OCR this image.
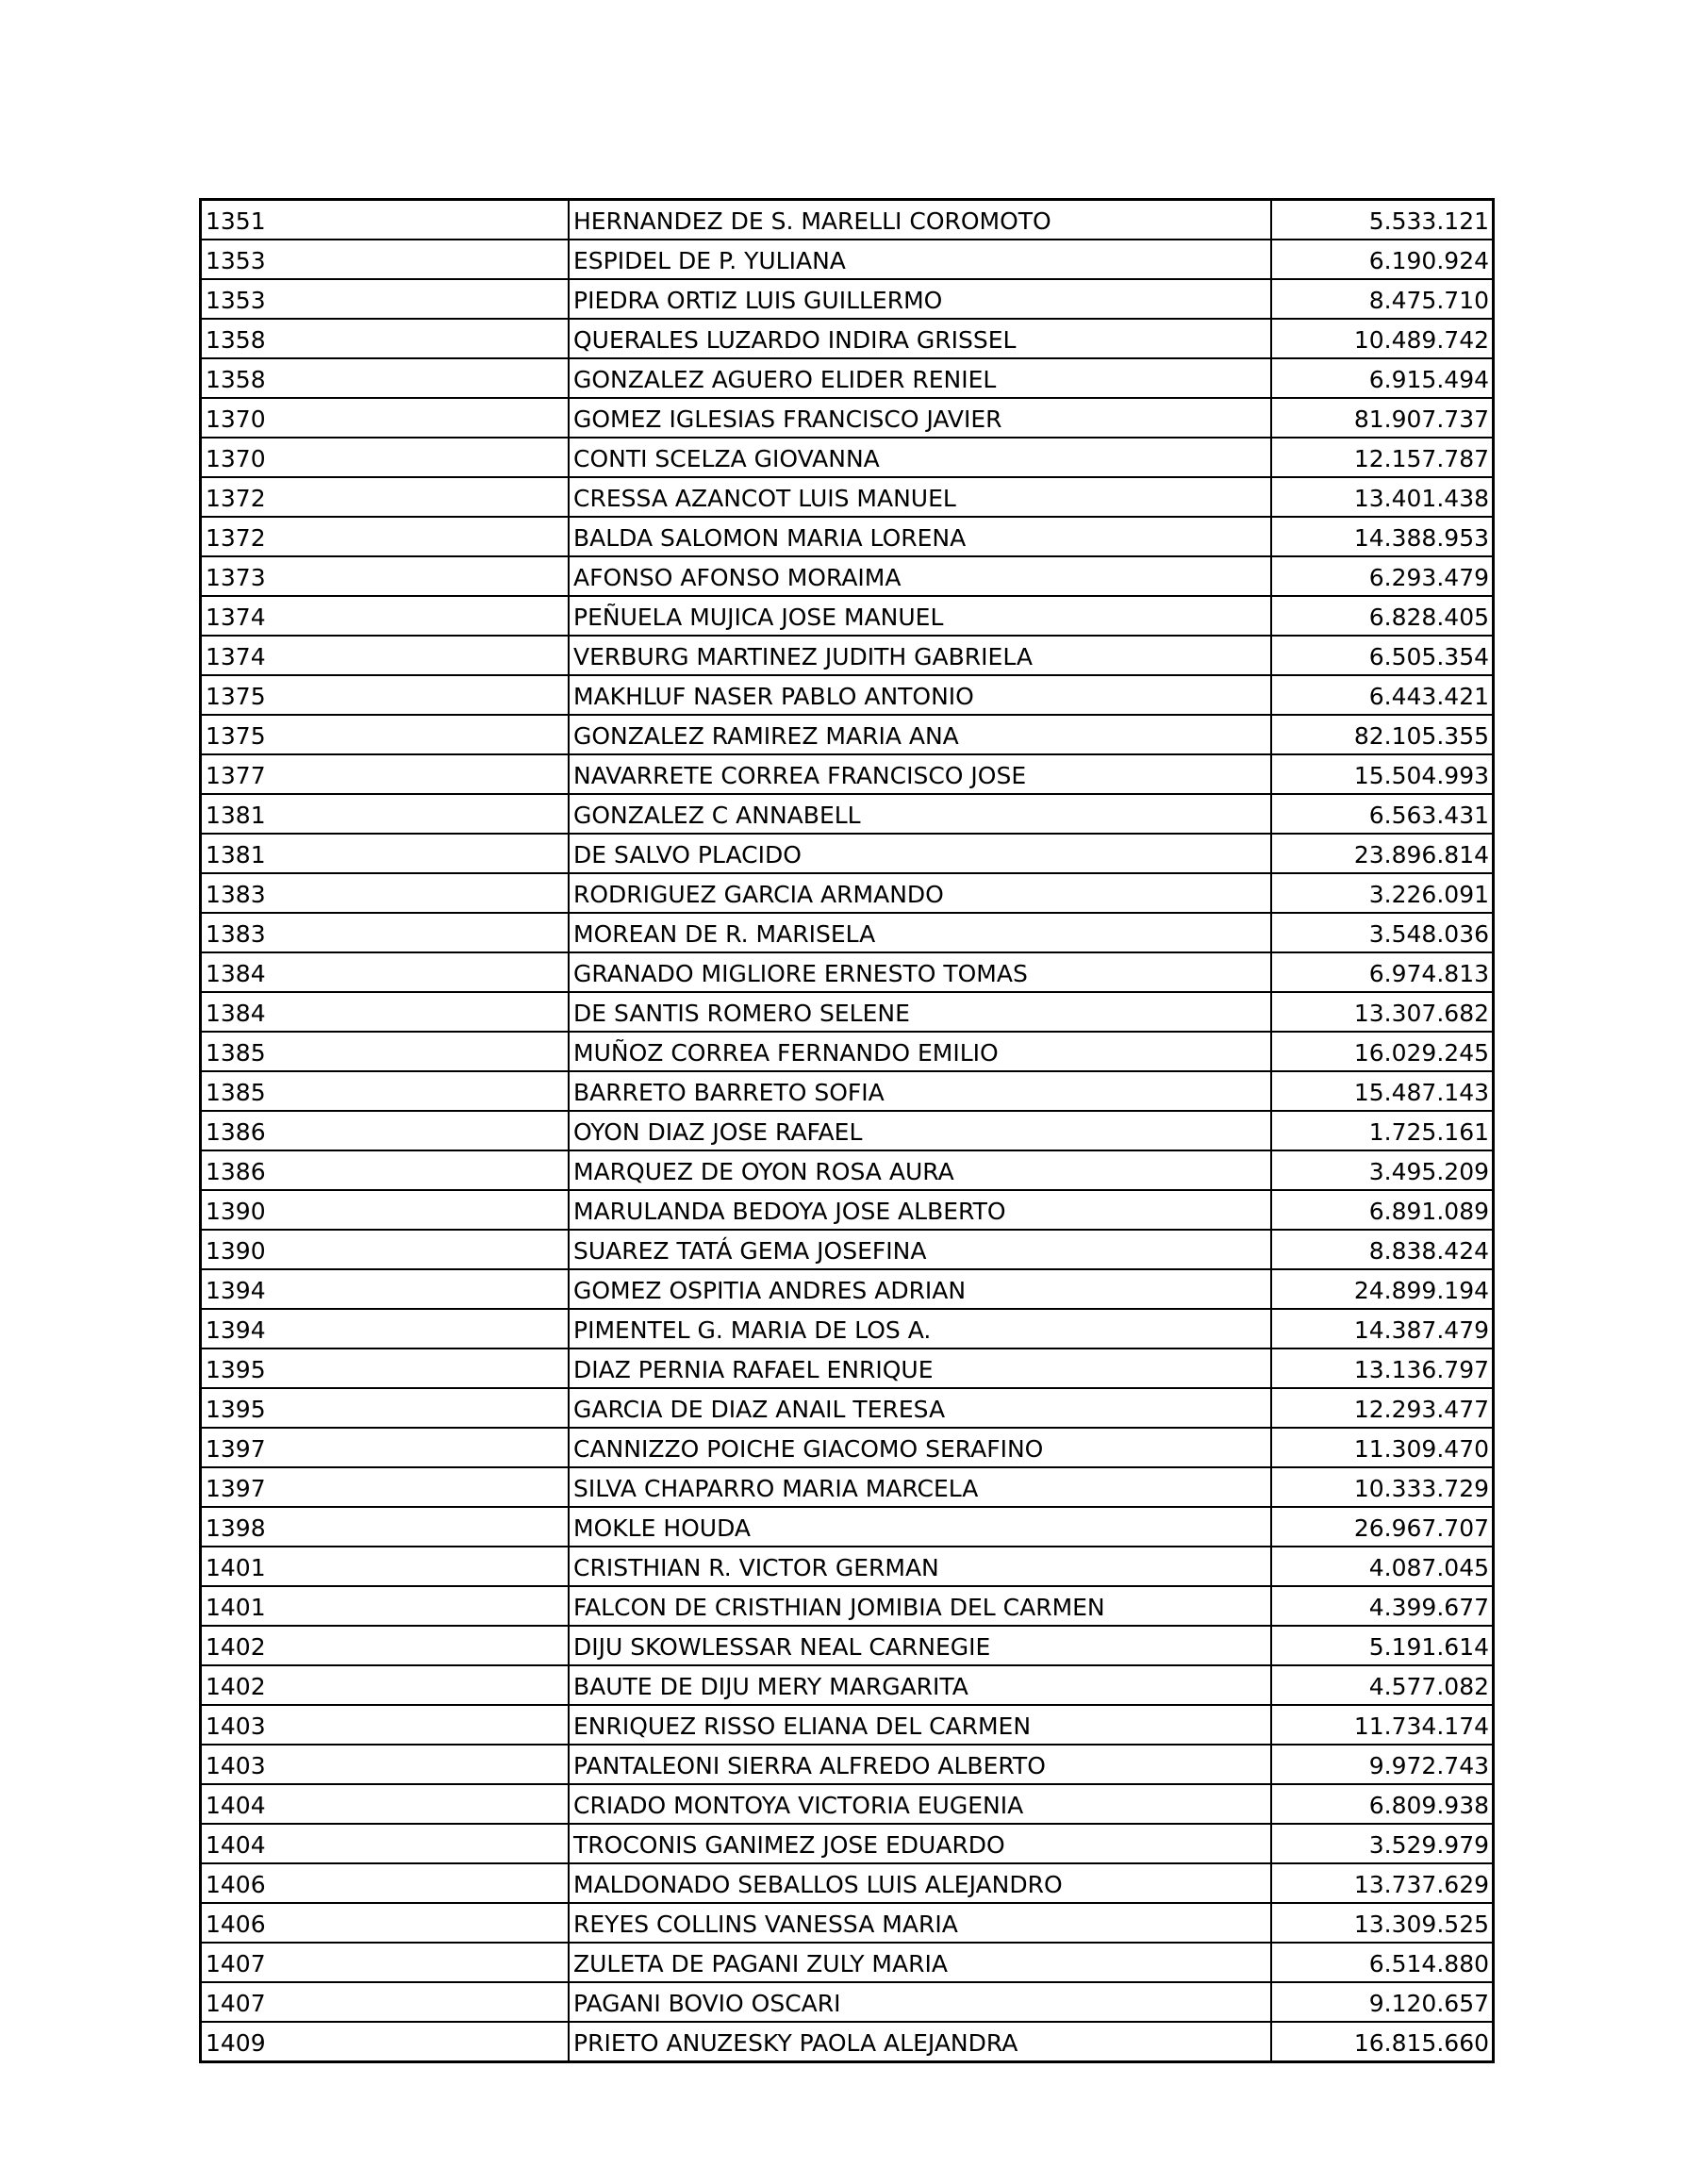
1351	HERNANDEZ DE S. MARELLI COROMOTO	5.533.121
1353	ESPIDEL DE P. YULIANA	6.190.924
1353	PIEDRA ORTIZ LUIS GUILLERMO	8.475.710
1358	QUERALES LUZARDO INDIRA GRISSEL	10.489.742
1358	GONZALEZ AGUERO ELIDER RENIEL	6.915.494
1370	GOMEZ IGLESIAS FRANCISCO JAVIER	81.907.737
1370	CONTI SCELZA GIOVANNA	12.157.787
1372	CRESSA AZANCOT LUIS MANUEL	13.401.438
1372	BALDA SALOMON MARIA LORENA	14.388.953
1373	AFONSO AFONSO MORAIMA	6.293.479
1374	PEÑUELA MUJICA JOSE MANUEL	6.828.405
1374	VERBURG MARTINEZ JUDITH GABRIELA	6.505.354
1375	MAKHLUF NASER PABLO ANTONIO	6.443.421
1375	GONZALEZ RAMIREZ MARIA ANA	82.105.355
1377	NAVARRETE CORREA FRANCISCO JOSE	15.504.993
1381	GONZALEZ C ANNABELL	6.563.431
1381	DE SALVO PLACIDO	23.896.814
1383	RODRIGUEZ GARCIA ARMANDO	3.226.091
1383	MOREAN DE R. MARISELA	3.548.036
1384	GRANADO MIGLIORE ERNESTO TOMAS	6.974.813
1384	DE SANTIS ROMERO SELENE	13.307.682
1385	MUÑOZ CORREA FERNANDO EMILIO	16.029.245
1385	BARRETO BARRETO SOFIA	15.487.143
1386	OYON DIAZ JOSE RAFAEL	1.725.161
1386	MARQUEZ DE OYON ROSA AURA	3.495.209
1390	MARULANDA BEDOYA JOSE ALBERTO	6.891.089
1390	SUAREZ TATÁ GEMA JOSEFINA	8.838.424
1394	GOMEZ OSPITIA ANDRES ADRIAN	24.899.194
1394	PIMENTEL G. MARIA DE LOS A.	14.387.479
1395	DIAZ PERNIA RAFAEL ENRIQUE	13.136.797
1395	GARCIA DE DIAZ ANAIL TERESA	12.293.477
1397	CANNIZZO POICHE GIACOMO SERAFINO	11.309.470
1397	SILVA CHAPARRO MARIA MARCELA	10.333.729
1398	MOKLE HOUDA	26.967.707
1401	CRISTHIAN R. VICTOR GERMAN	4.087.045
1401	FALCON DE CRISTHIAN JOMIBIA DEL CARMEN	4.399.677
1402	DIJU SKOWLESSAR NEAL CARNEGIE	5.191.614
1402	BAUTE DE DIJU MERY MARGARITA	4.577.082
1403	ENRIQUEZ RISSO ELIANA DEL CARMEN	11.734.174
1403	PANTALEONI SIERRA ALFREDO ALBERTO	9.972.743
1404	CRIADO MONTOYA VICTORIA EUGENIA	6.809.938
1404	TROCONIS GANIMEZ JOSE EDUARDO	3.529.979
1406	MALDONADO SEBALLOS LUIS ALEJANDRO	13.737.629
1406	REYES COLLINS VANESSA MARIA	13.309.525
1407	ZULETA DE PAGANI ZULY MARIA	6.514.880
1407	PAGANI BOVIO OSCARI	9.120.657
1409	PRIETO ANUZESKY PAOLA ALEJANDRA	16.815.660
